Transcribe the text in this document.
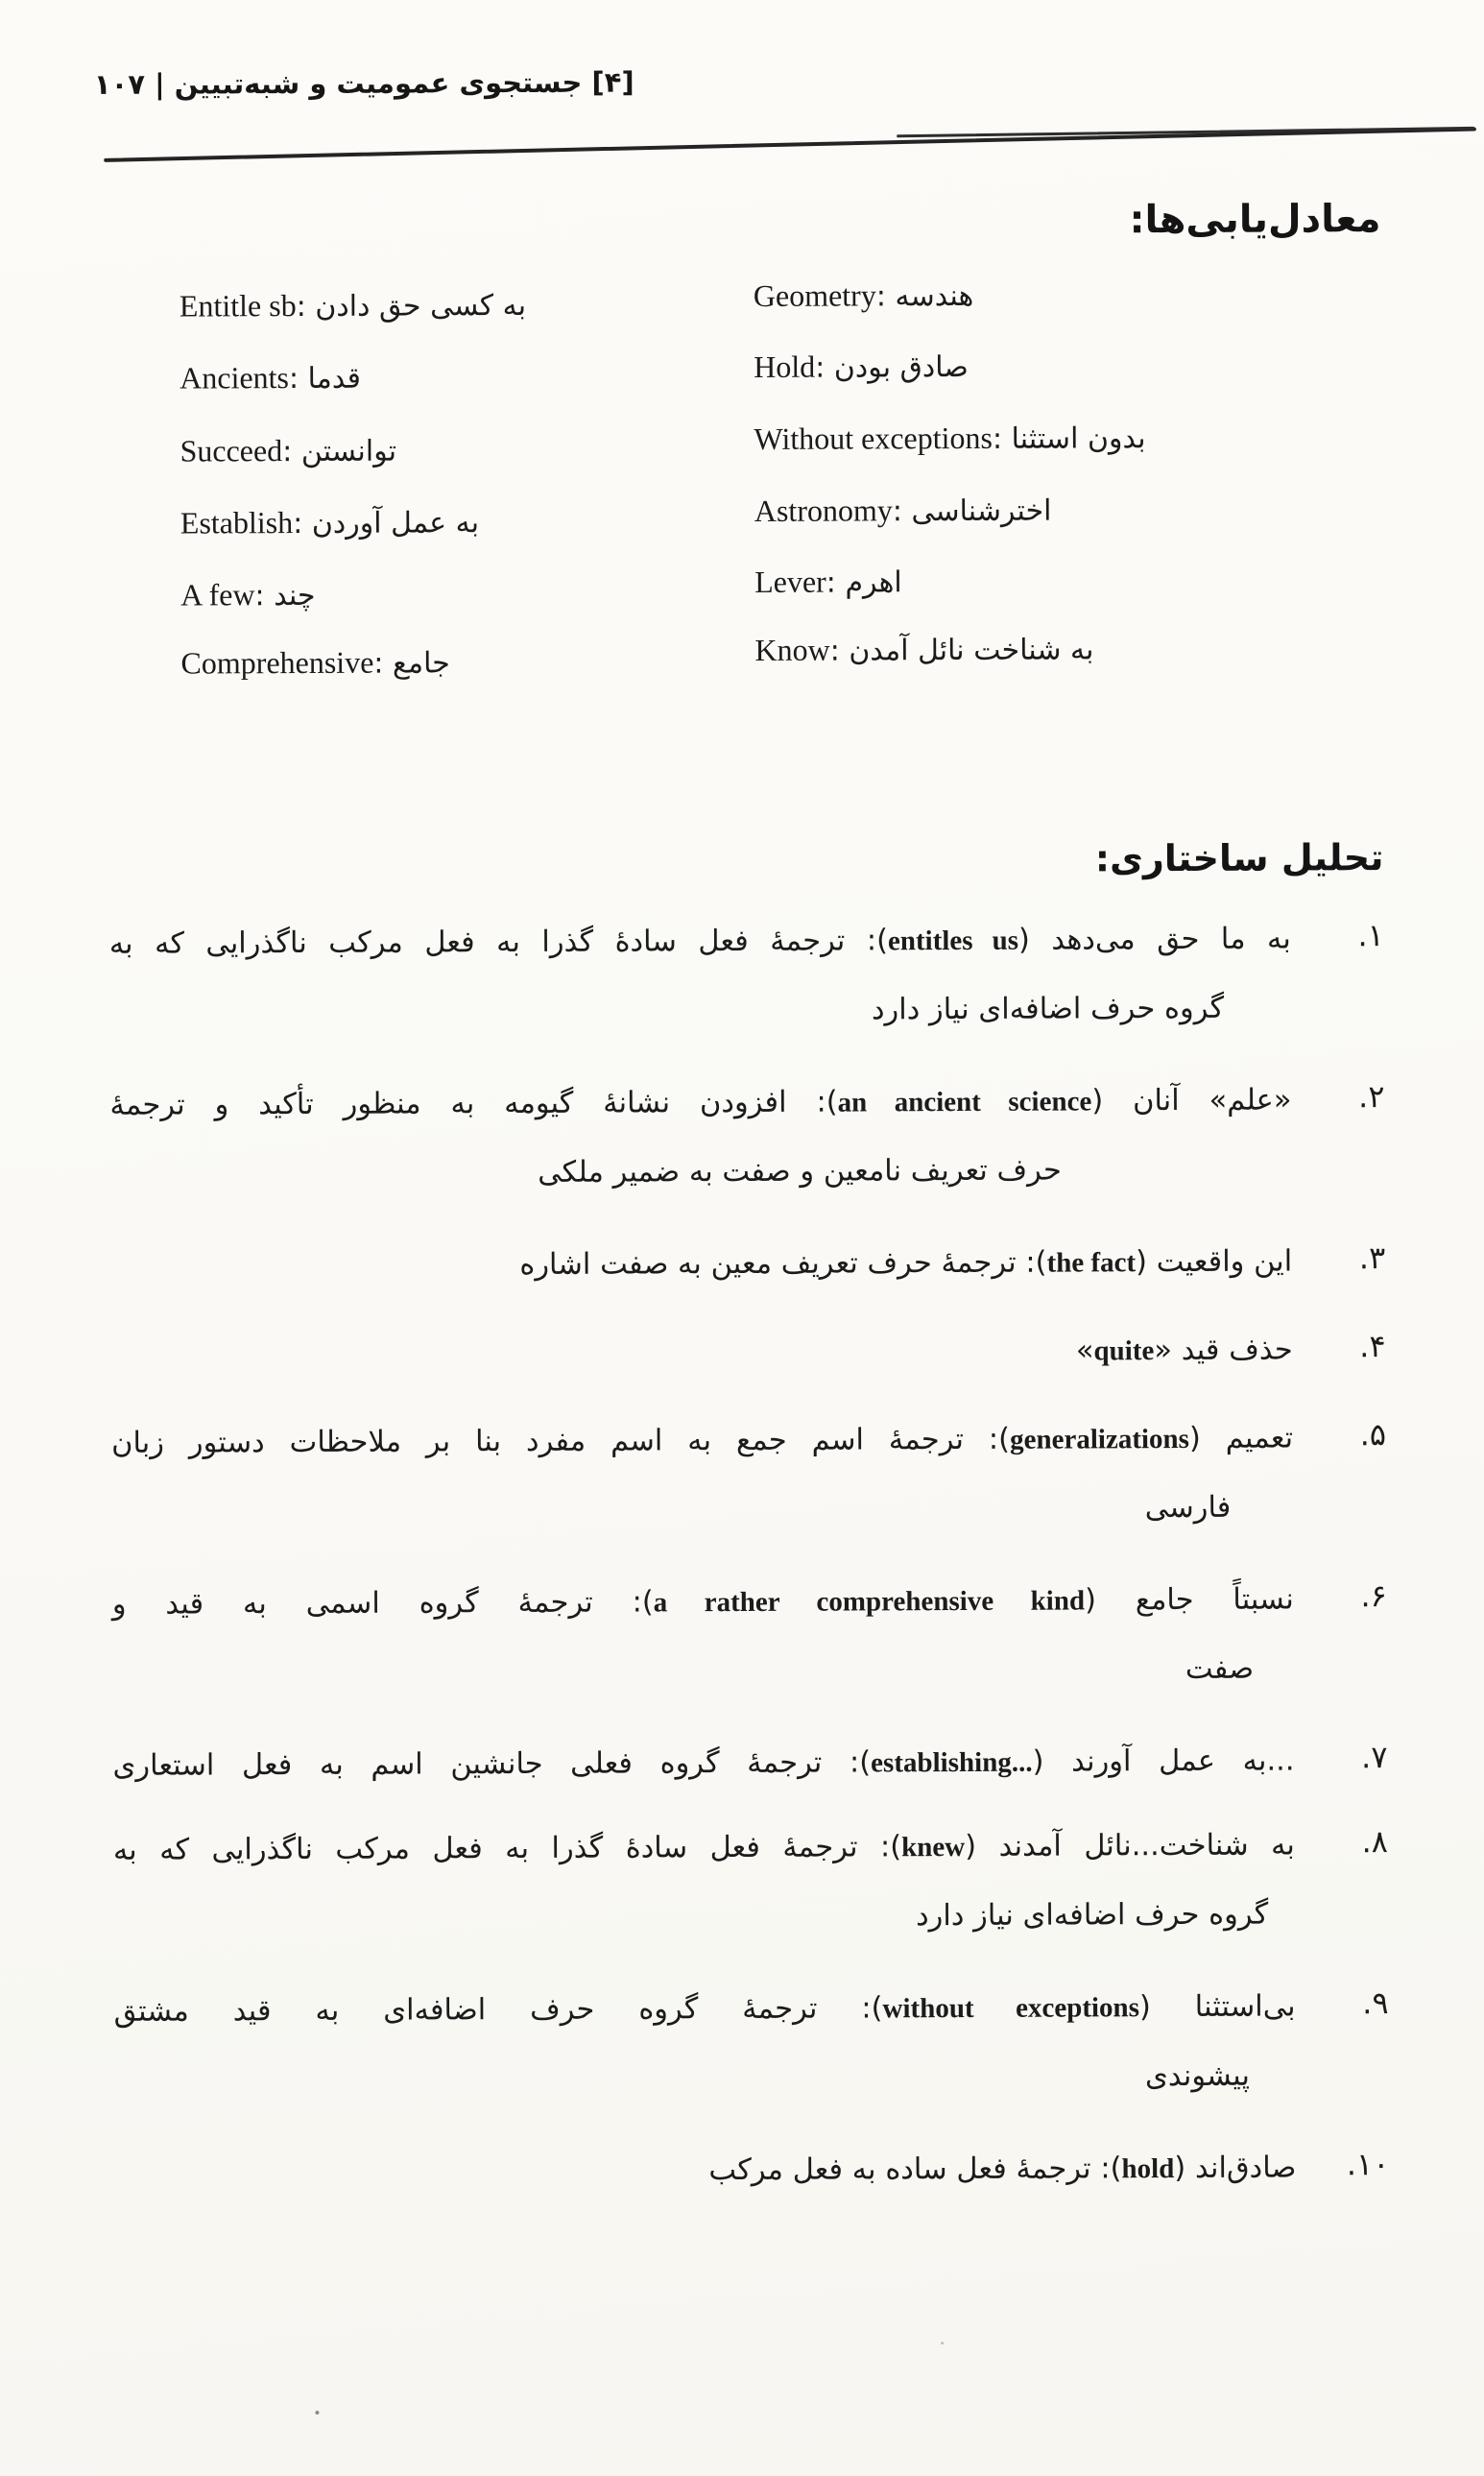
[۴] جستجوی عمومیت و شبه‌تبیین | ۱۰۷
معادل‌یابی‌ها:
Geometry: هندسه
Hold: صادق بودن
Without exceptions: بدون استثنا
Astronomy: اخترشناسی
Lever: اهرم
Know: به شناخت نائل آمدن
Entitle sb: به کسی حق دادن
Ancients: قدما
Succeed: توانستن
Establish: به عمل آوردن
A few: چند
Comprehensive: جامع
تحلیل ساختاری:
۱.
به ما حق می‌دهد (entitles us): ترجمۀ فعل سادۀ گذرا به فعل مرکب ناگذرایی که به
گروه حرف اضافه‌ای نیاز دارد
۲.
«علم» آنان (an ancient science): افزودن نشانۀ گیومه به منظور تأکید و ترجمۀ
حرف تعریف نامعین و صفت به ضمیر ملکی
۳.
این واقعیت (the fact): ترجمۀ حرف تعریف معین به صفت اشاره
۴.
حذف قید «quite»
۵.
تعمیم (generalizations): ترجمۀ اسم جمع به اسم مفرد بنا بر ملاحظات دستور زبان
فارسی
۶.
نسبتاً جامع (a rather comprehensive kind): ترجمۀ گروه اسمی به قید و
صفت
۷.
...به عمل آورند (establishing...): ترجمۀ گروه فعلی جانشین اسم به فعل استعاری
۸.
به شناخت...نائل آمدند (knew): ترجمۀ فعل سادۀ گذرا به فعل مرکب ناگذرایی که به
گروه حرف اضافه‌ای نیاز دارد
۹.
بی‌استثنا (without exceptions): ترجمۀ گروه حرف اضافه‌ای به قید مشتق
پیشوندی
۱۰.
صادق‌اند (hold): ترجمۀ فعل ساده به فعل مرکب
